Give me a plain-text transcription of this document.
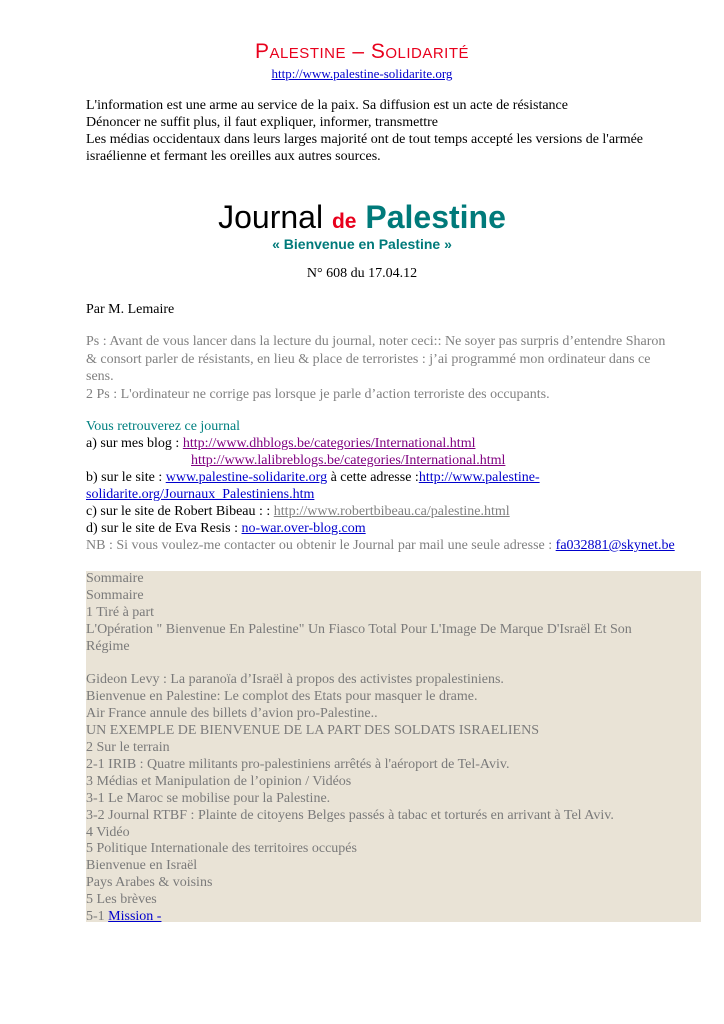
Palestine – Solidarité
http://www.palestine-solidarite.org
L'information est une arme au service de la paix. Sa diffusion est un acte de résistance
Dénoncer ne suffit plus, il faut expliquer, informer, transmettre
Les médias occidentaux dans leurs larges majorité ont de tout temps accepté les versions de l'armée
israélienne et fermant les oreilles aux autres sources.
Journal de Palestine
« Bienvenue en Palestine »
N° 608 du 17.04.12
Par M. Lemaire
Ps : Avant de vous lancer dans la lecture du journal, noter ceci:: Ne soyer pas surpris d’entendre Sharon
& consort parler de résistants, en lieu & place de terroristes : j’ai programmé mon ordinateur dans ce
sens.
2 Ps : L'ordinateur ne corrige pas lorsque je parle d’action terroriste des occupants.
Vous retrouverez ce journal
a) sur mes blog : http://www.dhblogs.be/categories/International.html
http://www.lalibreblogs.be/categories/International.html
b) sur le site : www.palestine-solidarite.org à cette adresse :http://www.palestine-
solidarite.org/Journaux_Palestiniens.htm
c) sur le site de Robert Bibeau : : http://www.robertbibeau.ca/palestine.html
d) sur le site de Eva Resis : no-war.over-blog.com
NB : Si vous voulez-me contacter ou obtenir le Journal par mail une seule adresse : fa032881@skynet.be
Sommaire
Sommaire
1 Tiré à part
L'Opération " Bienvenue En Palestine" Un Fiasco Total Pour L'Image De Marque D'Israël Et Son
Régime
Gideon Levy : La paranoïa d’Israël à propos des activistes propalestiniens.
Bienvenue en Palestine: Le complot des Etats pour masquer le drame.
Air France annule des billets d’avion pro-Palestine..
UN EXEMPLE DE BIENVENUE DE LA PART DES SOLDATS ISRAELIENS
2 Sur le terrain
2-1 IRIB : Quatre militants pro-palestiniens arrêtés à l'aéroport de Tel-Aviv.
3 Médias et Manipulation de l’opinion / Vidéos
3-1 Le Maroc se mobilise pour la Palestine.
3-2 Journal RTBF : Plainte de citoyens Belges passés à tabac et torturés en arrivant à Tel Aviv.
4 Vidéo
5 Politique Internationale des territoires occupés
Bienvenue en Israël
Pays Arabes & voisins
5 Les brèves
5-1 Mission -
